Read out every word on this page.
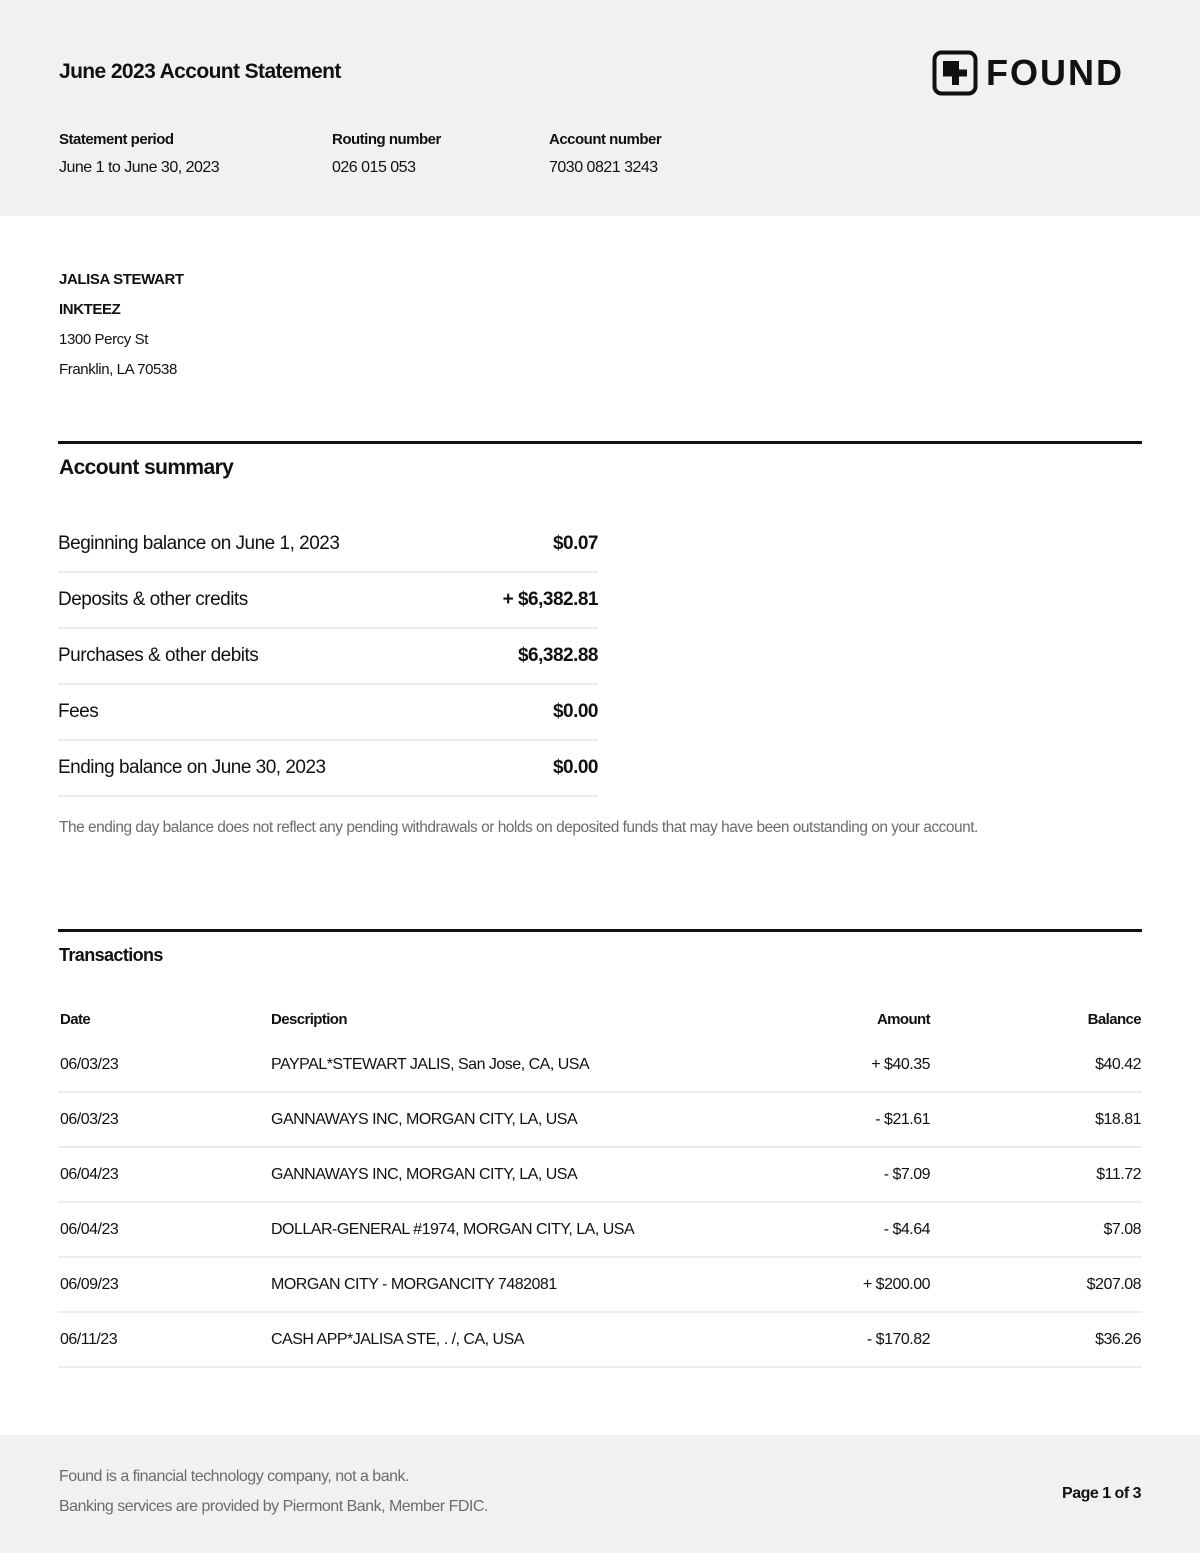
June 2023 Account Statement	FOUND
Statement period
June 1 to June 30, 2023
Routing number
026 015 053
Account number
7030 0821 3243
JALISA STEWART
INKTEEZ
1300 Percy St
Franklin, LA 70538
Account summary
Beginning balance on June 1, 2023	$0.07
Deposits & other credits	+ $6,382.81
Purchases & other debits	$6,382.88
Fees	$0.00
Ending balance on June 30, 2023	$0.00
The ending day balance does not reflect any pending withdrawals or holds on deposited funds that may have been outstanding on your account.
Transactions
Date	Description	Amount	Balance
06/03/23	PAYPAL*STEWART JALIS, San Jose, CA, USA	+ $40.35	$40.42
06/03/23	GANNAWAYS INC, MORGAN CITY, LA, USA	- $21.61	$18.81
06/04/23	GANNAWAYS INC, MORGAN CITY, LA, USA	- $7.09	$11.72
06/04/23	DOLLAR-GENERAL #1974, MORGAN CITY, LA, USA	- $4.64	$7.08
06/09/23	MORGAN CITY - MORGANCITY 7482081	+ $200.00	$207.08
06/11/23	CASH APP*JALISA STE, . /, CA, USA	- $170.82	$36.26
Found is a financial technology company, not a bank.
Banking services are provided by Piermont Bank, Member FDIC.
Page 1 of 3
